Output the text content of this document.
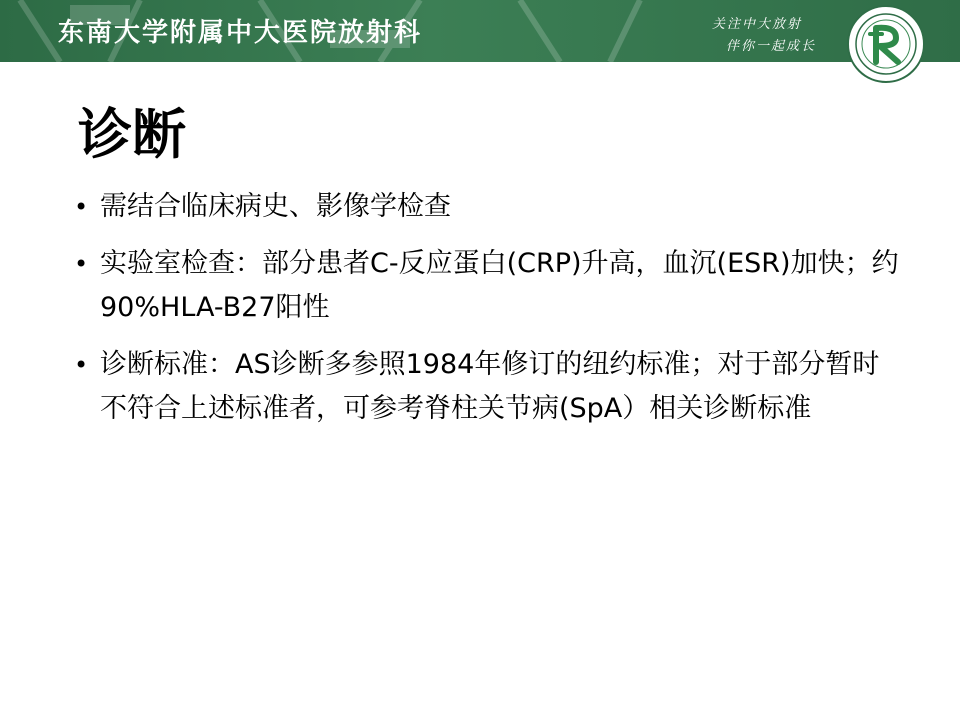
东南大学附属中大医院放射科	关注中大放射
伴你一起成长
诊断
• 需结合临床病史、影像学检查
• 实验室检查：部分患者C-反应蛋白(CRP)升高，血沉(ESR)加快；约90%HLA-B27阳性
• 诊断标准：AS诊断多参照1984年修订的纽约标准；对于部分暂时不符合上述标准者，可参考脊柱关节病(SpA）相关诊断标准
